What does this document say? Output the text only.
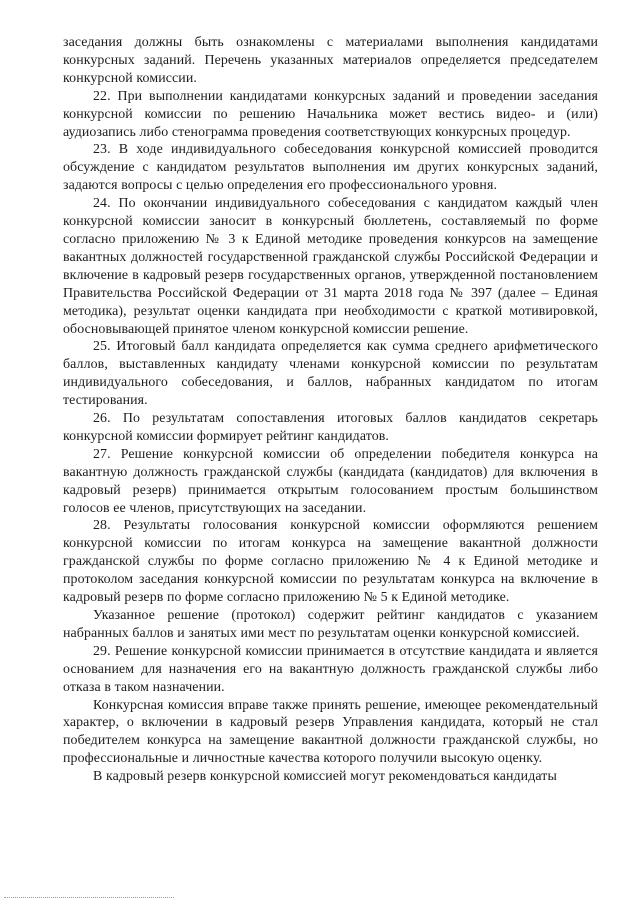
заседания должны быть ознакомлены с материалами выполнения кандидатами конкурсных заданий. Перечень указанных материалов определяется председателем конкурсной комиссии.

22. При выполнении кандидатами конкурсных заданий и проведении заседания конкурсной комиссии по решению Начальника может вестись видео- и (или) аудиозапись либо стенограмма проведения соответствующих конкурсных процедур.

23. В ходе индивидуального собеседования конкурсной комиссией проводится обсуждение с кандидатом результатов выполнения им других конкурсных заданий, задаются вопросы с целью определения его профессионального уровня.

24. По окончании индивидуального собеседования с кандидатом каждый член конкурсной комиссии заносит в конкурсный бюллетень, составляемый по форме согласно приложению № 3 к Единой методике проведения конкурсов на замещение вакантных должностей государственной гражданской службы Российской Федерации и включение в кадровый резерв государственных органов, утвержденной постановлением Правительства Российской Федерации от 31 марта 2018 года № 397 (далее – Единая методика), результат оценки кандидата при необходимости с краткой мотивировкой, обосновывающей принятое членом конкурсной комиссии решение.

25. Итоговый балл кандидата определяется как сумма среднего арифметического баллов, выставленных кандидату членами конкурсной комиссии по результатам индивидуального собеседования, и баллов, набранных кандидатом по итогам тестирования.

26. По результатам сопоставления итоговых баллов кандидатов секретарь конкурсной комиссии формирует рейтинг кандидатов.

27. Решение конкурсной комиссии об определении победителя конкурса на вакантную должность гражданской службы (кандидата (кандидатов) для включения в кадровый резерв) принимается открытым голосованием простым большинством голосов ее членов, присутствующих на заседании.

28. Результаты голосования конкурсной комиссии оформляются решением конкурсной комиссии по итогам конкурса на замещение вакантной должности гражданской службы по форме согласно приложению № 4 к Единой методике и протоколом заседания конкурсной комиссии по результатам конкурса на включение в кадровый резерв по форме согласно приложению № 5 к Единой методике.

Указанное решение (протокол) содержит рейтинг кандидатов с указанием набранных баллов и занятых ими мест по результатам оценки конкурсной комиссией.

29. Решение конкурсной комиссии принимается в отсутствие кандидата и является основанием для назначения его на вакантную должность гражданской службы либо отказа в таком назначении.

Конкурсная комиссия вправе также принять решение, имеющее рекомендательный характер, о включении в кадровый резерв Управления кандидата, который не стал победителем конкурса на замещение вакантной должности гражданской службы, но профессиональные и личностные качества которого получили высокую оценку.

В кадровый резерв конкурсной комиссией могут рекомендоваться кандидаты
